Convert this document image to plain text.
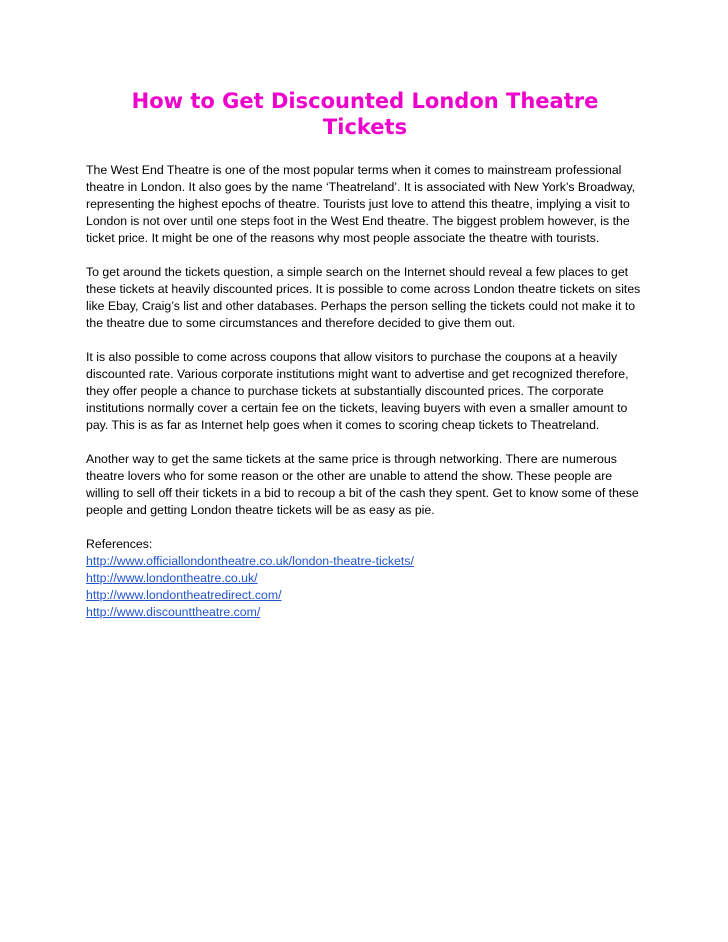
How to Get Discounted London Theatre Tickets

The West End Theatre is one of the most popular terms when it comes to mainstream professional theatre in London. It also goes by the name ‘Theatreland’. It is associated with New York’s Broadway, representing the highest epochs of theatre. Tourists just love to attend this theatre, implying a visit to London is not over until one steps foot in the West End theatre. The biggest problem however, is the ticket price. It might be one of the reasons why most people associate the theatre with tourists.

To get around the tickets question, a simple search on the Internet should reveal a few places to get these tickets at heavily discounted prices. It is possible to come across London theatre tickets on sites like Ebay, Craig’s list and other databases. Perhaps the person selling the tickets could not make it to the theatre due to some circumstances and therefore decided to give them out.

It is also possible to come across coupons that allow visitors to purchase the coupons at a heavily discounted rate. Various corporate institutions might want to advertise and get recognized therefore, they offer people a chance to purchase tickets at substantially discounted prices. The corporate institutions normally cover a certain fee on the tickets, leaving buyers with even a smaller amount to pay. This is as far as Internet help goes when it comes to scoring cheap tickets to Theatreland.

Another way to get the same tickets at the same price is through networking. There are numerous theatre lovers who for some reason or the other are unable to attend the show. These people are willing to sell off their tickets in a bid to recoup a bit of the cash they spent. Get to know some of these people and getting London theatre tickets will be as easy as pie.

References:
http://www.officiallondontheatre.co.uk/london-theatre-tickets/
http://www.londontheatre.co.uk/
http://www.londontheatredirect.com/
http://www.discounttheatre.com/
